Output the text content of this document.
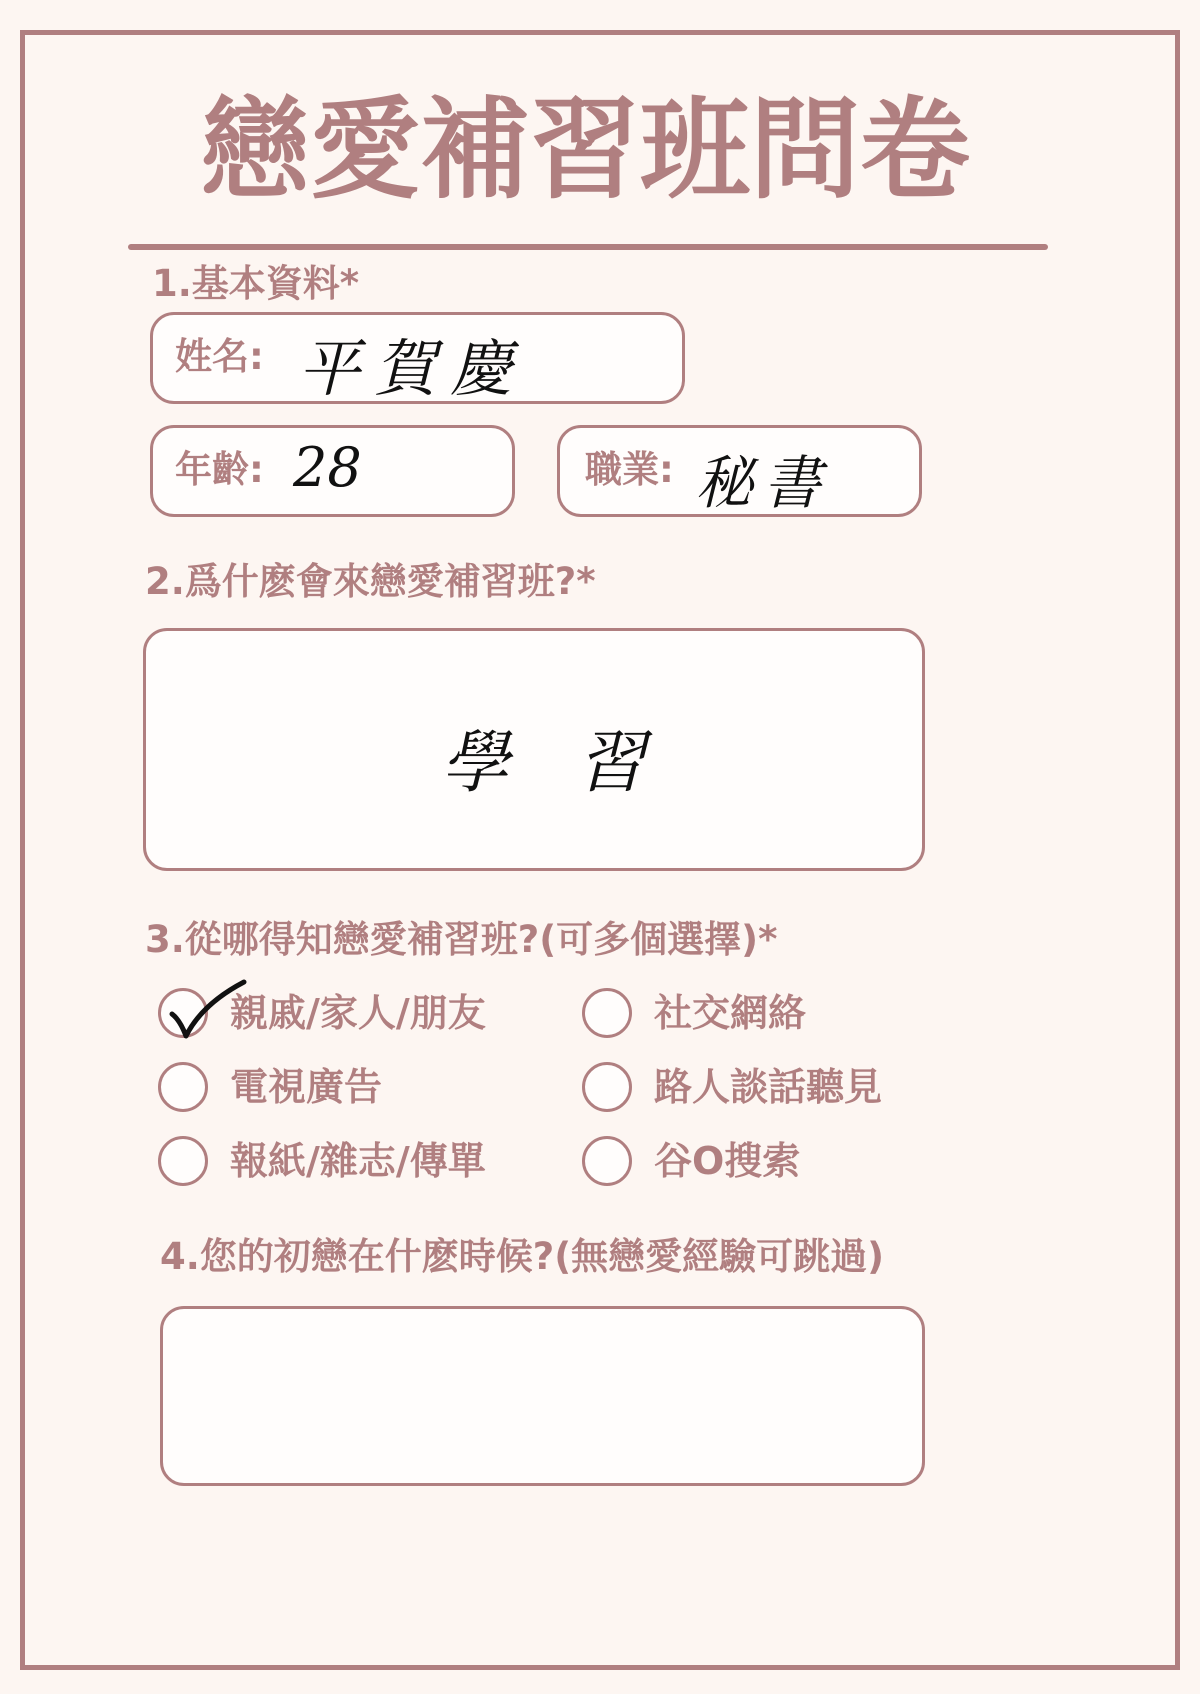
戀愛補習班問卷
1.基本資料*
姓名: 平賀慶
年齡: 28	職業: 秘書
2.爲什麽會來戀愛補習班?*
學　習
3.從哪得知戀愛補習班?(可多個選擇)*
親戚/家人/朋友	社交網絡
電視廣告	路人談話聽見
報紙/雜志/傳單	谷O搜索
4.您的初戀在什麽時候?(無戀愛經驗可跳過)
